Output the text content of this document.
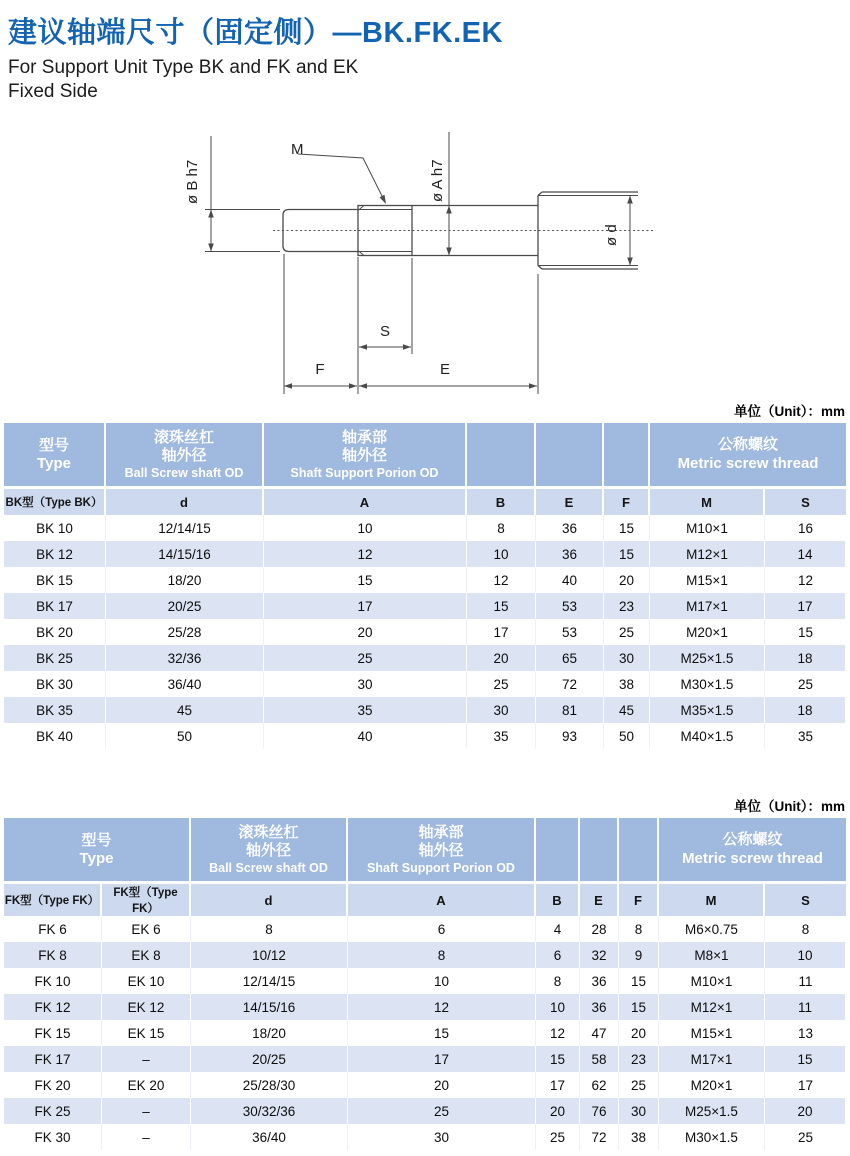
建议轴端尺寸（固定侧）—BK.FK.EK
For Support Unit Type BK and FK and EK
Fixed Side
ø B h7
M
ø A h7
ø d
S
F	E
单位（Unit）：mm
型号
Type

滚珠丝杠
轴外径
Ball Screw shaft OD

轴承部
轴外径
Shaft Support Porion OD

公称螺纹
Metric screw thread

BK型（Type BK）	d	A	B	E	F	M	S
BK 10	12/14/15	10	8	36	15	M10×1	16
BK 12	14/15/16	12	10	36	15	M12×1	14
BK 15	18/20	15	12	40	20	M15×1	12
BK 17	20/25	17	15	53	23	M17×1	17
BK 20	25/28	20	17	53	25	M20×1	15
BK 25	32/36	25	20	65	30	M25×1.5	18
BK 30	36/40	30	25	72	38	M30×1.5	25
BK 35	45	35	30	81	45	M35×1.5	18
BK 40	50	40	35	93	50	M40×1.5	35
单位（Unit）：mm
型号
Type

滚珠丝杠
轴外径
Ball Screw shaft OD

轴承部
轴外径
Shaft Support Porion OD

公称螺纹
Metric screw thread

FK型（Type FK）	FK型（Type FK）	d	A	B	E	F	M	S
FK 6	EK 6	8	6	4	28	8	M6×0.75	8
FK 8	EK 8	10/12	8	6	32	9	M8×1	10
FK 10	EK 10	12/14/15	10	8	36	15	M10×1	11
FK 12	EK 12	14/15/16	12	10	36	15	M12×1	11
FK 15	EK 15	18/20	15	12	47	20	M15×1	13
FK 17	–	20/25	17	15	58	23	M17×1	15
FK 20	EK 20	25/28/30	20	17	62	25	M20×1	17
FK 25	–	30/32/36	25	20	76	30	M25×1.5	20
FK 30	–	36/40	30	25	72	38	M30×1.5	25
